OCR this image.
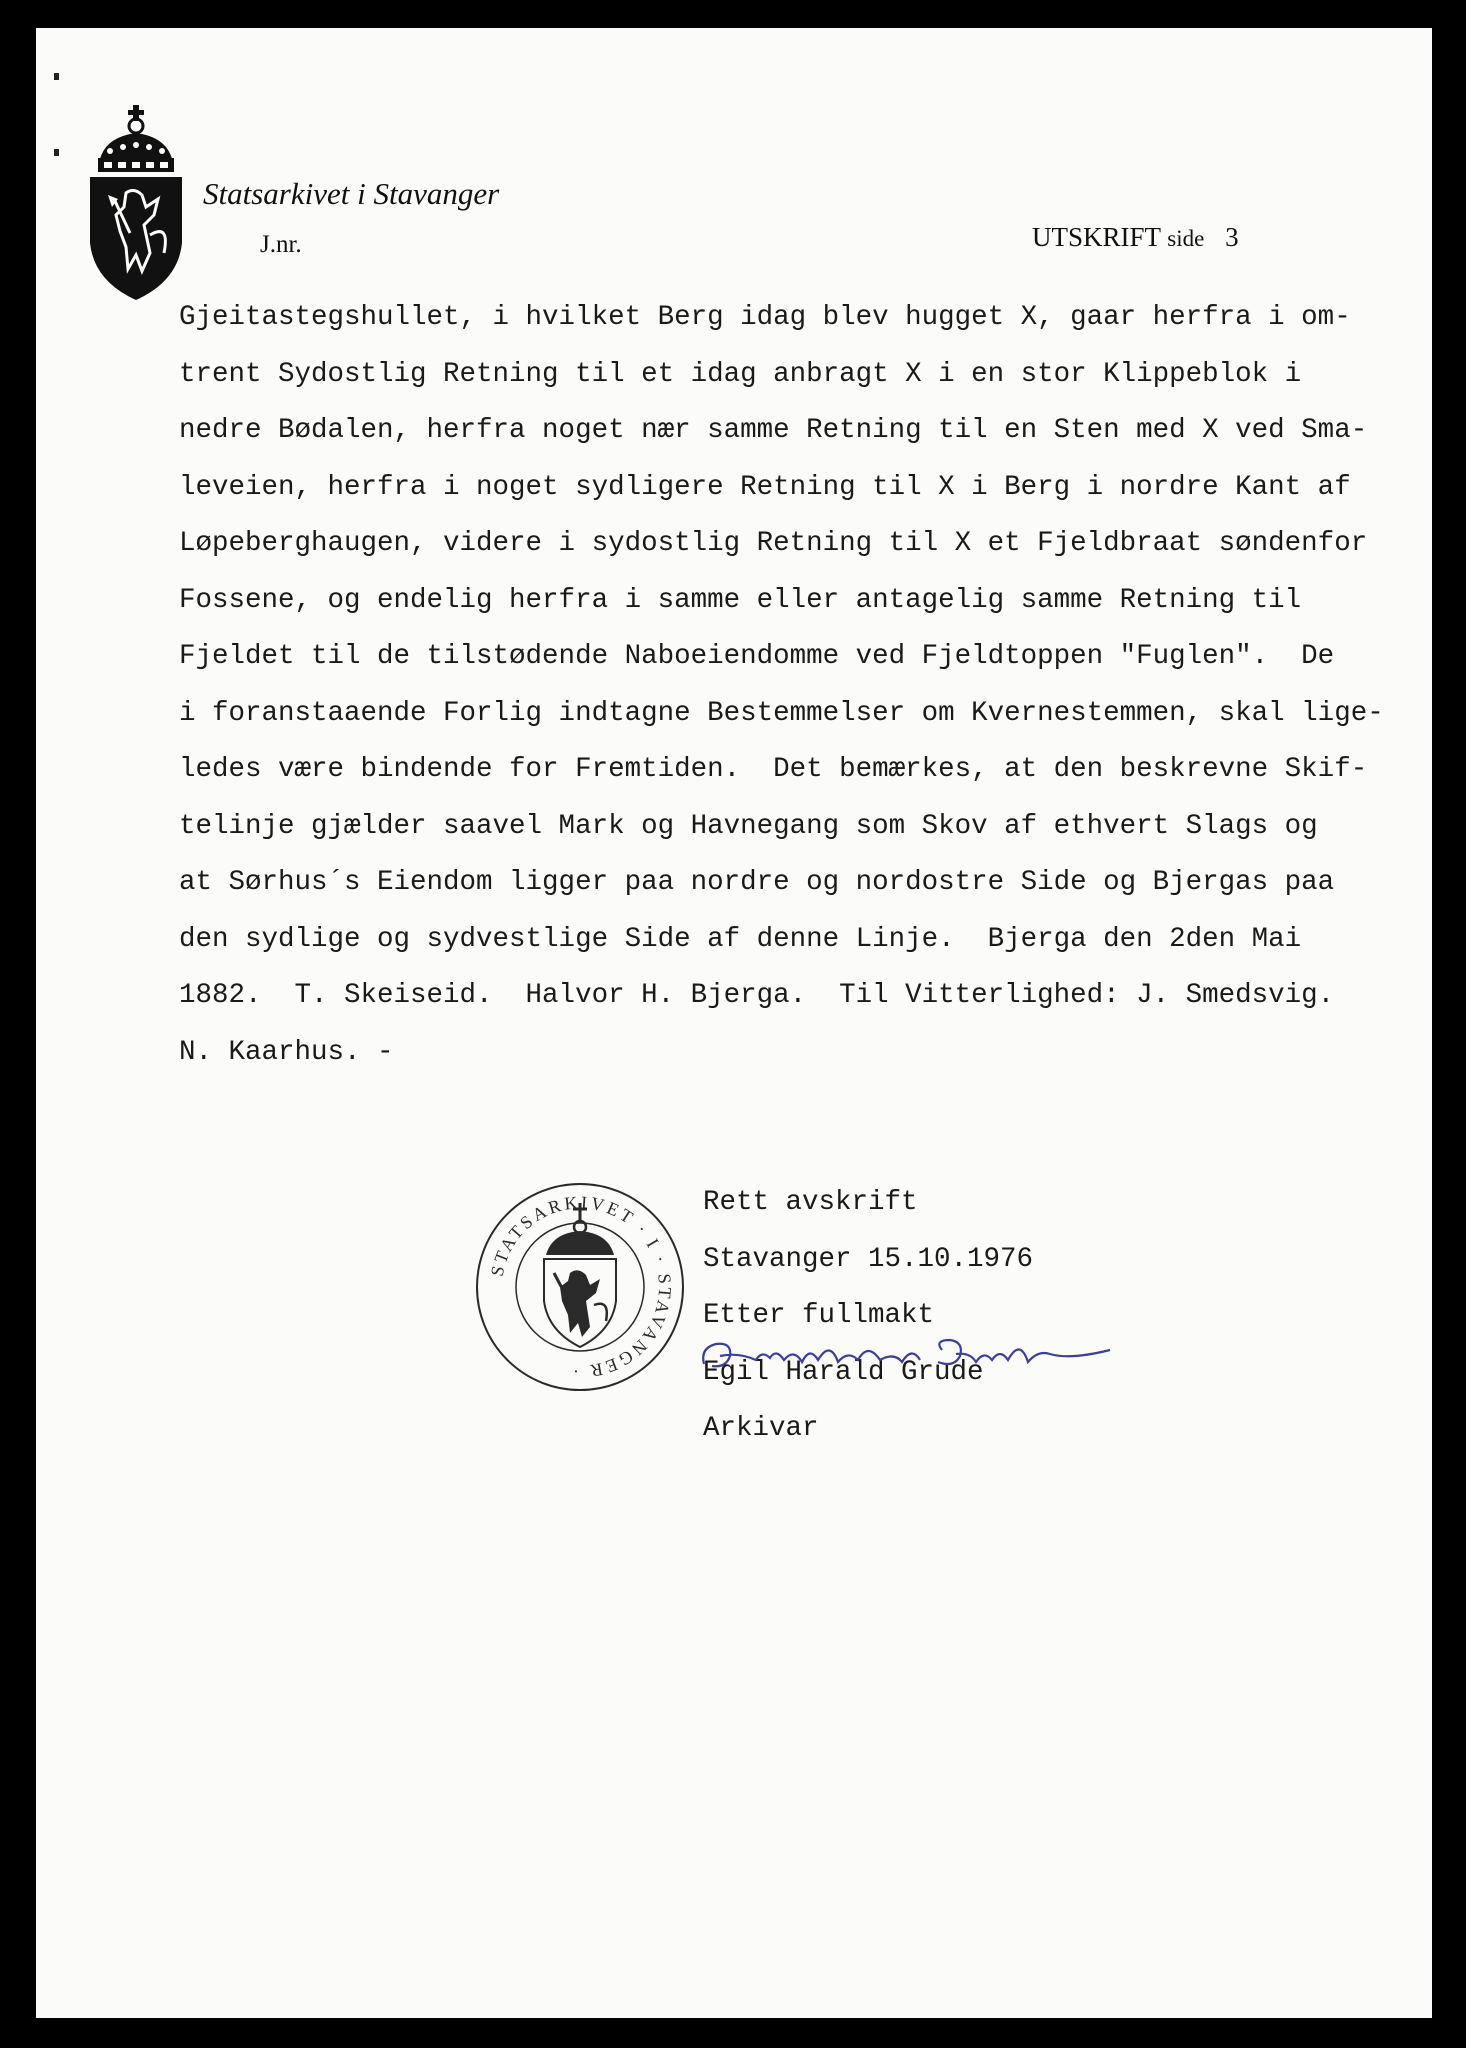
Statsarkivet i Stavanger
J.nr.	UTSKRIFT side 3
Gjeitastegshullet, i hvilket Berg idag blev hugget X, gaar herfra i om-
trent Sydostlig Retning til et idag anbragt X i en stor Klippeblok i
nedre Bødalen, herfra noget nær samme Retning til en Sten med X ved Sma-
leveien, herfra i noget sydligere Retning til X i Berg i nordre Kant af
Løpeberghaugen, videre i sydostlig Retning til X et Fjeldbraat søndenfor
Fossene, og endelig herfra i samme eller antagelig samme Retning til
Fjeldet til de tilstødende Naboeiendomme ved Fjeldtoppen "Fuglen".  De
i foranstaaende Forlig indtagne Bestemmelser om Kvernestemmen, skal lige-
ledes være bindende for Fremtiden.  Det bemærkes, at den beskrevne Skif-
telinje gjælder saavel Mark og Havnegang som Skov af ethvert Slags og
at Sørhus´s Eiendom ligger paa nordre og nordostre Side og Bjergas paa
den sydlige og sydvestlige Side af denne Linje.  Bjerga den 2den Mai
1882.  T. Skeiseid.  Halvor H. Bjerga.  Til Vitterlighed: J. Smedsvig.
N. Kaarhus. -
STATSARKIVET · I · STAVANGER ·
Rett avskrift
Stavanger 15.10.1976
Etter fullmakt
Egil Harald Grude
Arkivar
